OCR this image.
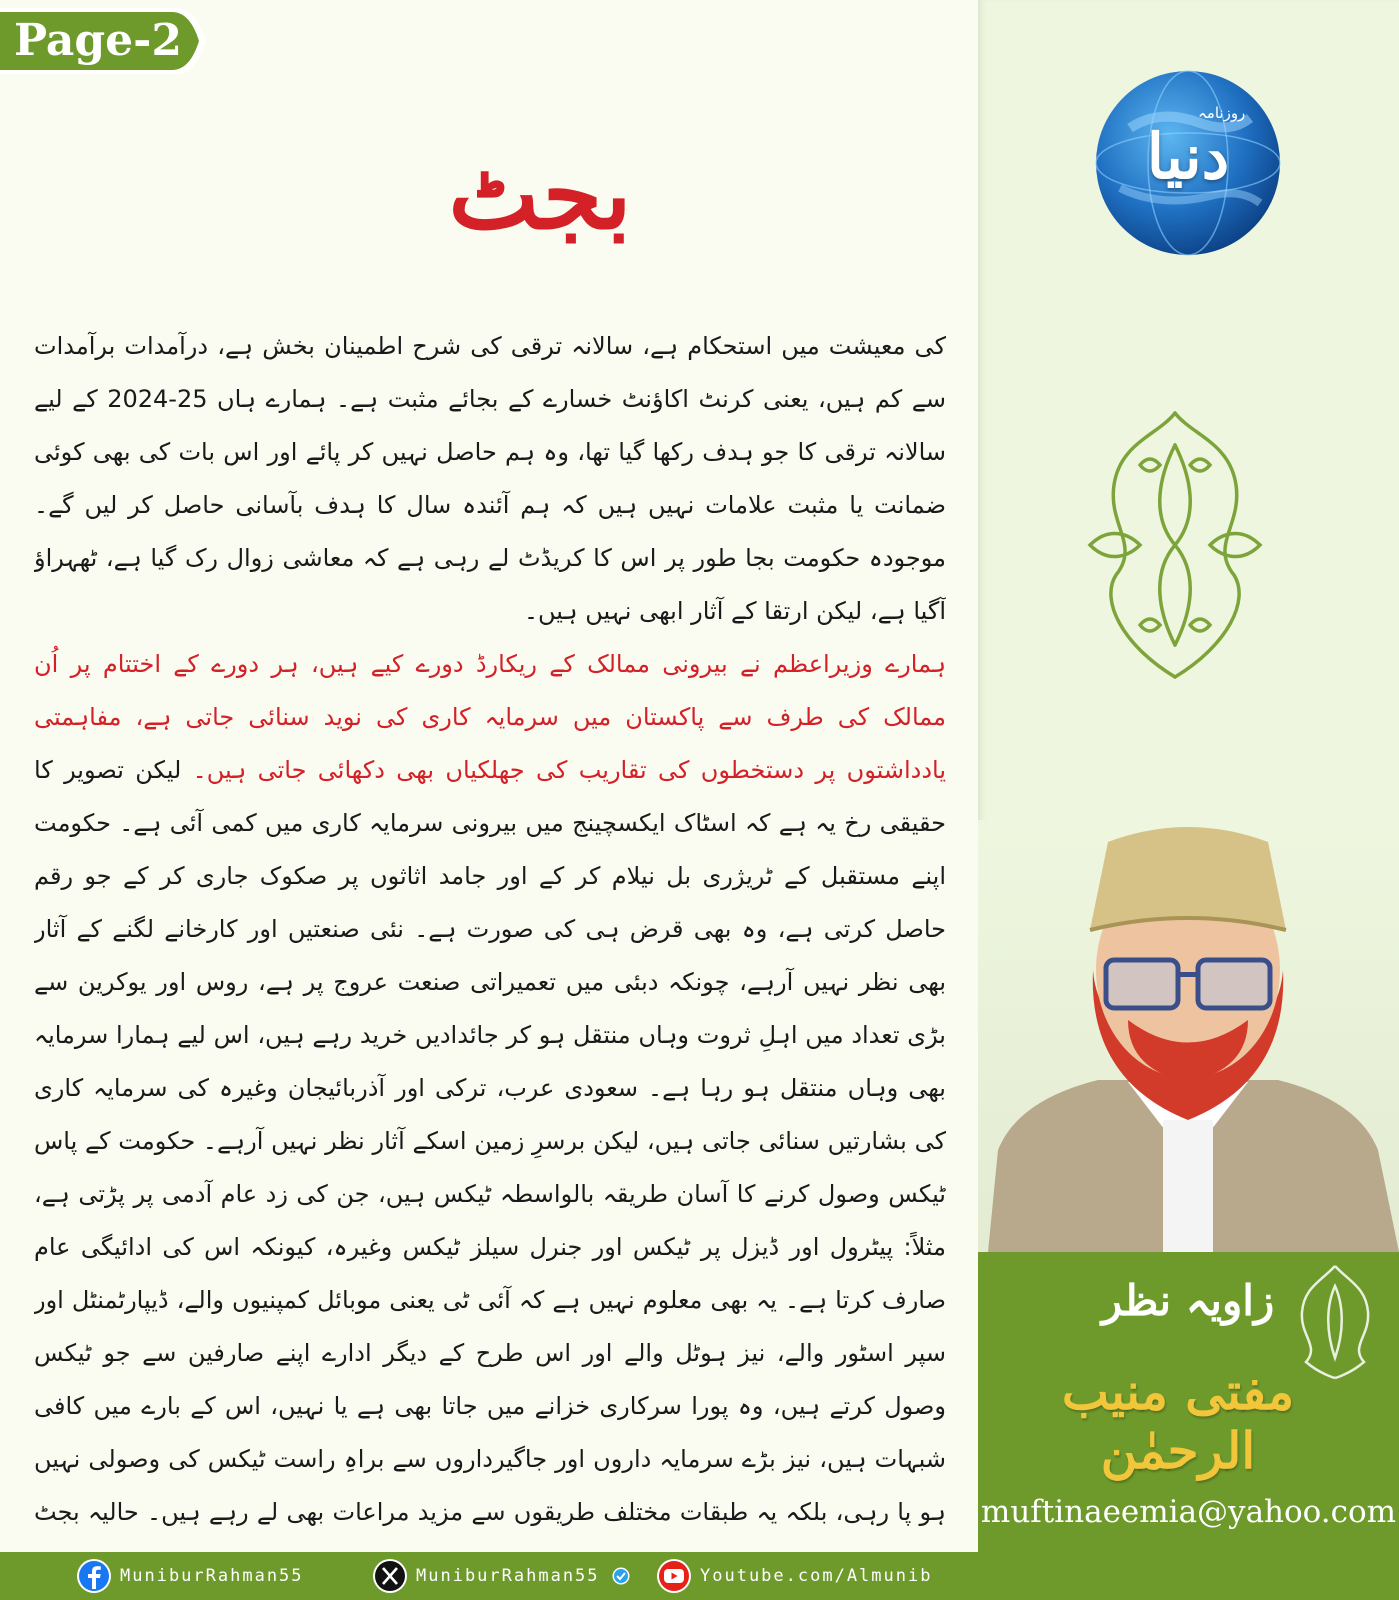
Page-2
بجٹ

کی معیشت میں استحکام ہے، سالانہ ترقی کی شرح اطمینان بخش ہے، درآمدات برآمدات سے کم ہیں، یعنی کرنٹ اکاؤنٹ خسارے کے بجائے مثبت ہے۔ ہمارے ہاں 25-2024 کے لیے سالانہ ترقی کا جو ہدف رکھا گیا تھا، وہ ہم حاصل نہیں کر پائے اور اس بات کی بھی کوئی ضمانت یا مثبت علامات نہیں ہیں کہ ہم آئندہ سال کا ہدف بآسانی حاصل کر لیں گے۔ موجودہ حکومت بجا طور پر اس کا کریڈٹ لے رہی ہے کہ معاشی زوال رک گیا ہے، ٹھہراؤ آگیا ہے، لیکن ارتقا کے آثار ابھی نہیں ہیں۔

ہمارے وزیراعظم نے بیرونی ممالک کے ریکارڈ دورے کیے ہیں، ہر دورے کے اختتام پر اُن ممالک کی طرف سے پاکستان میں سرمایہ کاری کی نوید سنائی جاتی ہے، مفاہمتی یادداشتوں پر دستخطوں کی تقاریب کی جھلکیاں بھی دکھائی جاتی ہیں۔ لیکن تصویر کا حقیقی رخ یہ ہے کہ اسٹاک ایکسچینج میں بیرونی سرمایہ کاری میں کمی آئی ہے۔ حکومت اپنے مستقبل کے ٹریژری بل نیلام کر کے اور جامد اثاثوں پر صکوک جاری کر کے جو رقم حاصل کرتی ہے، وہ بھی قرض ہی کی صورت ہے۔ نئی صنعتیں اور کارخانے لگنے کے آثار بھی نظر نہیں آرہے، چونکہ دبئی میں تعمیراتی صنعت عروج پر ہے، روس اور یوکرین سے بڑی تعداد میں اہلِ ثروت وہاں منتقل ہو کر جائدادیں خرید رہے ہیں، اس لیے ہمارا سرمایہ بھی وہاں منتقل ہو رہا ہے۔ سعودی عرب، ترکی اور آذربائیجان وغیرہ کی سرمایہ کاری کی بشارتیں سنائی جاتی ہیں، لیکن برسرِ زمین اسکے آثار نظر نہیں آرہے۔ حکومت کے پاس ٹیکس وصول کرنے کا آسان طریقہ بالواسطہ ٹیکس ہیں، جن کی زد عام آدمی پر پڑتی ہے، مثلاً: پیٹرول اور ڈیزل پر ٹیکس اور جنرل سیلز ٹیکس وغیرہ، کیونکہ اس کی ادائیگی عام صارف کرتا ہے۔ یہ بھی معلوم نہیں ہے کہ آئی ٹی یعنی موبائل کمپنیوں والے، ڈیپارٹمنٹل اور سپر اسٹور والے، نیز ہوٹل والے اور اس طرح کے دیگر ادارے اپنے صارفین سے جو ٹیکس وصول کرتے ہیں، وہ پورا سرکاری خزانے میں جاتا بھی ہے یا نہیں، اس کے بارے میں کافی شبہات ہیں، نیز بڑے سرمایہ داروں اور جاگیرداروں سے براہِ راست ٹیکس کی وصولی نہیں ہو پا رہی، بلکہ یہ طبقات مختلف طریقوں سے مزید مراعات بھی لے رہے ہیں۔ حالیہ بجٹ

روزنامہ
دنیا
زاویہ نظر
مفتی منیب الرحمٰن
muftinaeemia@yahoo.com
MuniburRahman55	MuniburRahman55	Youtube.com/Almunib
